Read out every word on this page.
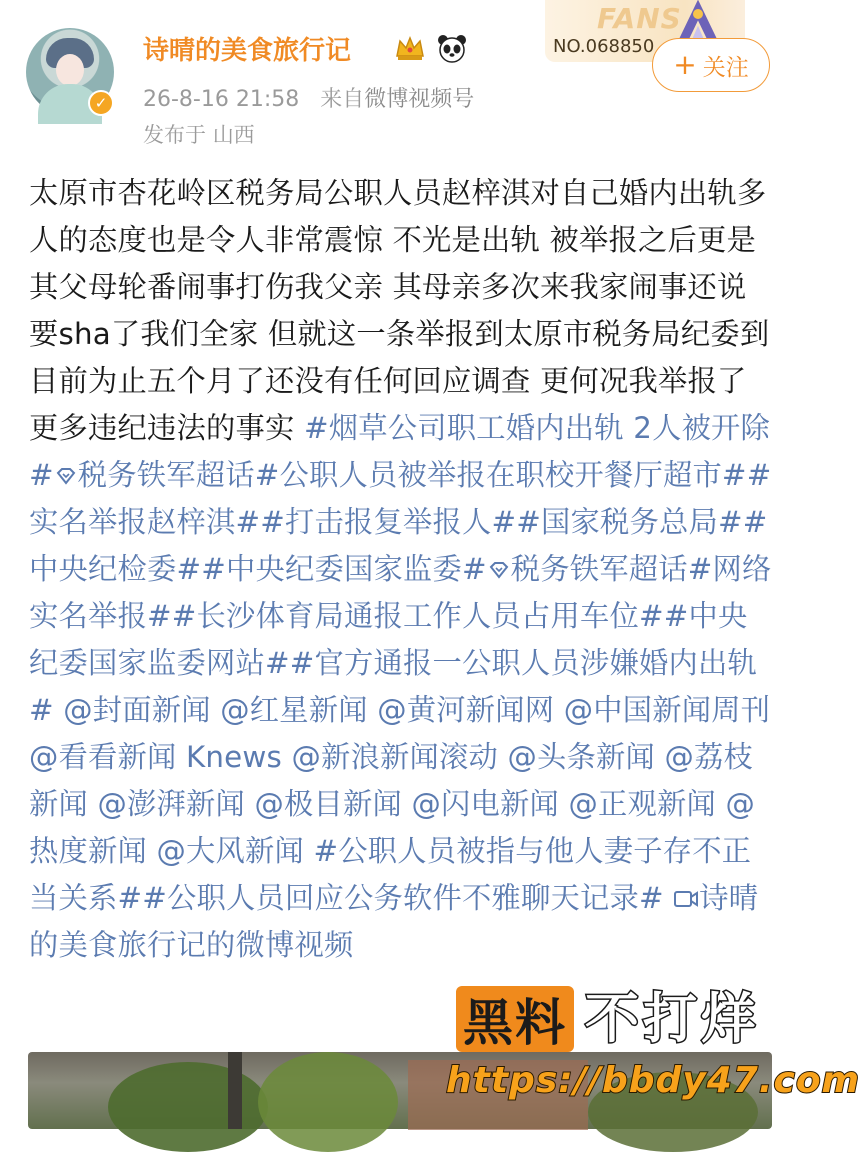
✓
诗晴的美食旅行记
26-8-16 21:58 来自微博视频号
发布于 山西
FANS
NO.068850
+ 关注
太原市杏花岭区税务局公职人员赵梓淇对自己婚内出轨多人的态度也是令人非常震惊 不光是出轨 被举报之后更是其父母轮番闹事打伤我父亲 其母亲多次来我家闹事还说要sha了我们全家 但就这一条举报到太原市税务局纪委到目前为止五个月了还没有任何回应调查 更何况我举报了更多违纪违法的事实 #烟草公司职工婚内出轨 2人被开除# 税务铁军超话#公职人员被举报在职校开餐厅超市##实名举报赵梓淇##打击报复举报人##国家税务总局##中央纪检委##中央纪委国家监委# 税务铁军超话#网络实名举报##长沙体育局通报工作人员占用车位##中央纪委国家监委网站##官方通报一公职人员涉嫌婚内出轨# @封面新闻 @红星新闻 @黄河新闻网 @中国新闻周刊 @看看新闻 Knews @新浪新闻滚动 @头条新闻 @荔枝新闻 @澎湃新闻 @极目新闻 @闪电新闻 @正观新闻 @热度新闻 @大风新闻 #公职人员被指与他人妻子存不正当关系##公职人员回应公务软件不雅聊天记录# 诗晴的美食旅行记的微博视频
黑料 不打烊
https://bbdy47.com
